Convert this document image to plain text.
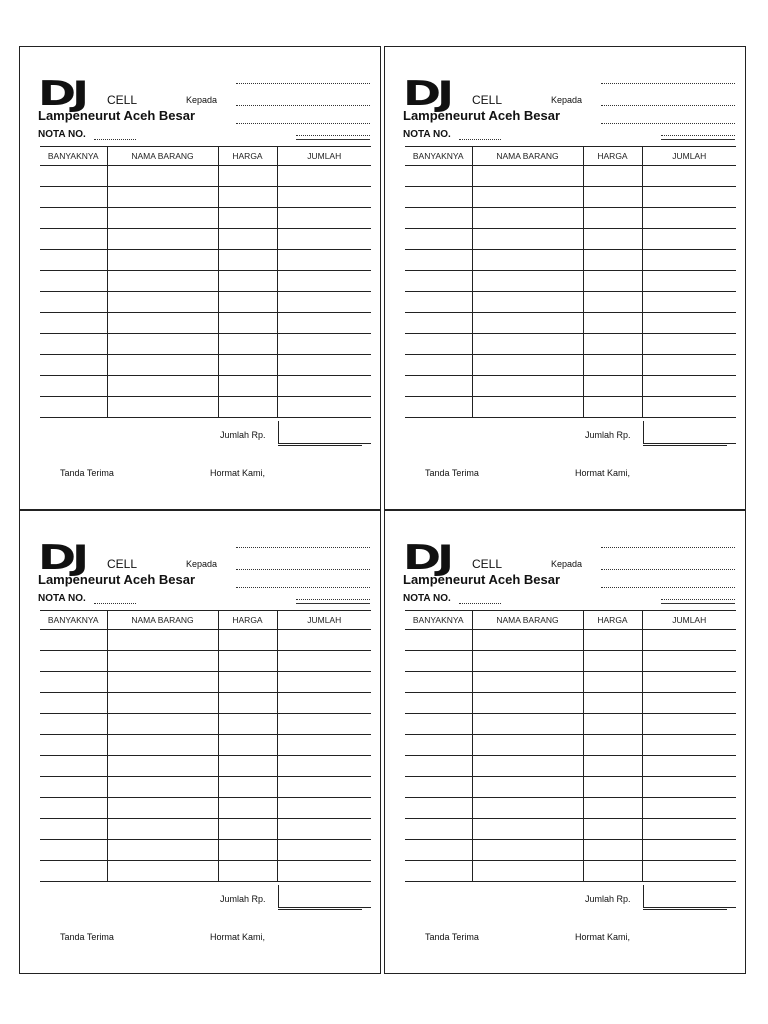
DJ CELL
Lampeneurut Aceh Besar
Kepada
NOTA NO.
BANYAKNYA	NAMA BARANG	HARGA	JUMLAH

Jumlah Rp.
Tanda Terima	Hormat Kami,
DJ CELL
Lampeneurut Aceh Besar
Kepada
NOTA NO.
BANYAKNYA	NAMA BARANG	HARGA	JUMLAH

Jumlah Rp.
Tanda Terima	Hormat Kami,
DJ CELL
Lampeneurut Aceh Besar
Kepada
NOTA NO.
BANYAKNYA	NAMA BARANG	HARGA	JUMLAH

Jumlah Rp.
Tanda Terima	Hormat Kami,
DJ CELL
Lampeneurut Aceh Besar
Kepada
NOTA NO.
BANYAKNYA	NAMA BARANG	HARGA	JUMLAH

Jumlah Rp.
Tanda Terima	Hormat Kami,
